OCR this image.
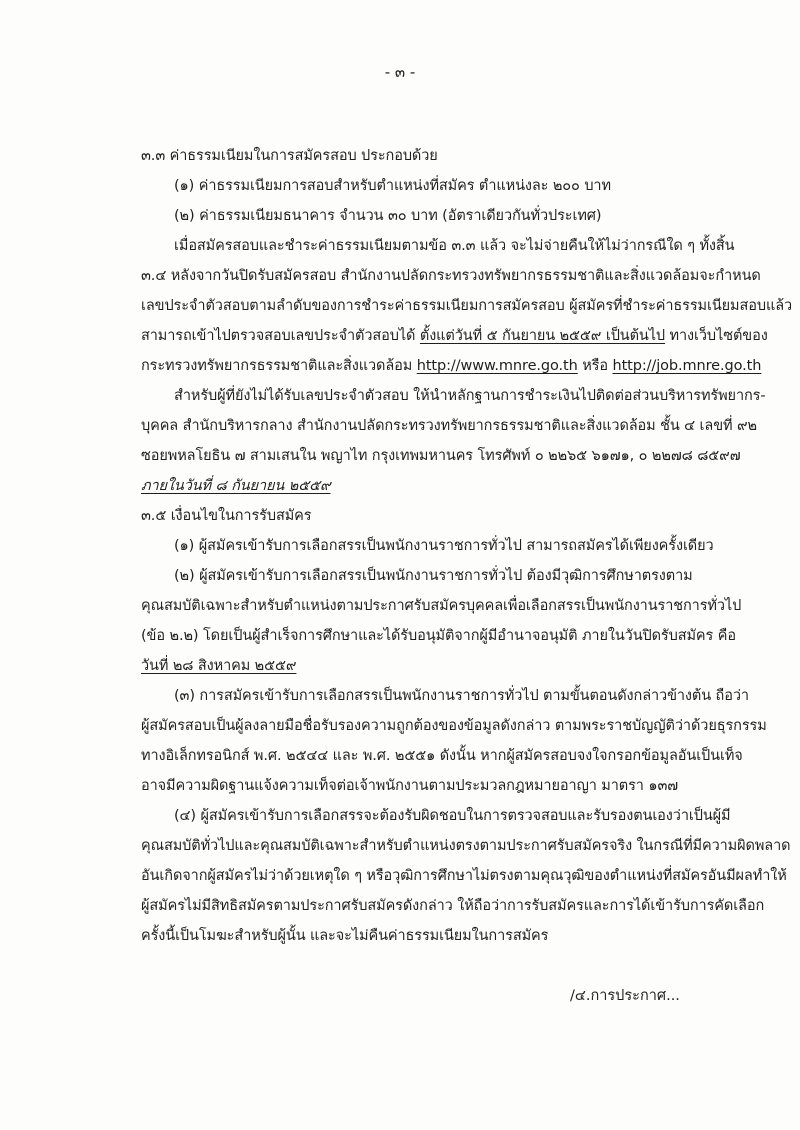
- ๓ -
๓.๓ ค่าธรรมเนียมในการสมัครสอบ ประกอบด้วย
(๑) ค่าธรรมเนียมการสอบสำหรับตำแหน่งที่สมัคร ตำแหน่งละ ๒๐๐ บาท
(๒) ค่าธรรมเนียมธนาคาร จำนวน ๓๐ บาท (อัตราเดียวกันทั่วประเทศ)
เมื่อสมัครสอบและชำระค่าธรรมเนียมตามข้อ ๓.๓ แล้ว จะไม่จ่ายคืนให้ไม่ว่ากรณีใด ๆ ทั้งสิ้น
๓.๔ หลังจากวันปิดรับสมัครสอบ สำนักงานปลัดกระทรวงทรัพยากรธรรมชาติและสิ่งแวดล้อมจะกำหนด
เลขประจำตัวสอบตามลำดับของการชำระค่าธรรมเนียมการสมัครสอบ ผู้สมัครที่ชำระค่าธรรมเนียมสอบแล้ว
สามารถเข้าไปตรวจสอบเลขประจำตัวสอบได้ ตั้งแต่วันที่ ๕ กันยายน ๒๕๕๙ เป็นต้นไป ทางเว็บไซต์ของ
กระทรวงทรัพยากรธรรมชาติและสิ่งแวดล้อม http://www.mnre.go.th หรือ http://job.mnre.go.th
สำหรับผู้ที่ยังไม่ได้รับเลขประจำตัวสอบ ให้นำหลักฐานการชำระเงินไปติดต่อส่วนบริหารทรัพยากร-
บุคคล สำนักบริหารกลาง สำนักงานปลัดกระทรวงทรัพยากรธรรมชาติและสิ่งแวดล้อม ชั้น ๔ เลขที่ ๙๒
ซอยพหลโยธิน ๗ สามเสนใน พญาไท กรุงเทพมหานคร โทรศัพท์ ๐ ๒๒๖๕ ๖๑๗๑, ๐ ๒๒๗๘ ๘๕๙๗
ภายในวันที่ ๘ กันยายน ๒๕๕๙
๓.๕ เงื่อนไขในการรับสมัคร
(๑) ผู้สมัครเข้ารับการเลือกสรรเป็นพนักงานราชการทั่วไป สามารถสมัครได้เพียงครั้งเดียว
(๒) ผู้สมัครเข้ารับการเลือกสรรเป็นพนักงานราชการทั่วไป ต้องมีวุฒิการศึกษาตรงตาม
คุณสมบัติเฉพาะสำหรับตำแหน่งตามประกาศรับสมัครบุคคลเพื่อเลือกสรรเป็นพนักงานราชการทั่วไป
(ข้อ ๒.๒) โดยเป็นผู้สำเร็จการศึกษาและได้รับอนุมัติจากผู้มีอำนาจอนุมัติ ภายในวันปิดรับสมัคร คือ
วันที่ ๒๘ สิงหาคม ๒๕๕๙
(๓) การสมัครเข้ารับการเลือกสรรเป็นพนักงานราชการทั่วไป ตามขั้นตอนดังกล่าวข้างต้น ถือว่า
ผู้สมัครสอบเป็นผู้ลงลายมือชื่อรับรองความถูกต้องของข้อมูลดังกล่าว ตามพระราชบัญญัติว่าด้วยธุรกรรม
ทางอิเล็กทรอนิกส์ พ.ศ. ๒๕๔๔ และ พ.ศ. ๒๕๕๑ ดังนั้น หากผู้สมัครสอบจงใจกรอกข้อมูลอันเป็นเท็จ
อาจมีความผิดฐานแจ้งความเท็จต่อเจ้าพนักงานตามประมวลกฎหมายอาญา มาตรา ๑๓๗
(๔) ผู้สมัครเข้ารับการเลือกสรรจะต้องรับผิดชอบในการตรวจสอบและรับรองตนเองว่าเป็นผู้มี
คุณสมบัติทั่วไปและคุณสมบัติเฉพาะสำหรับตำแหน่งตรงตามประกาศรับสมัครจริง ในกรณีที่มีความผิดพลาด
อันเกิดจากผู้สมัครไม่ว่าด้วยเหตุใด ๆ หรือวุฒิการศึกษาไม่ตรงตามคุณวุฒิของตำแหน่งที่สมัครอันมีผลทำให้
ผู้สมัครไม่มีสิทธิสมัครตามประกาศรับสมัครดังกล่าว ให้ถือว่าการรับสมัครและการได้เข้ารับการคัดเลือก
ครั้งนี้เป็นโมฆะสำหรับผู้นั้น และจะไม่คืนค่าธรรมเนียมในการสมัคร
/๔.การประกาศ...
